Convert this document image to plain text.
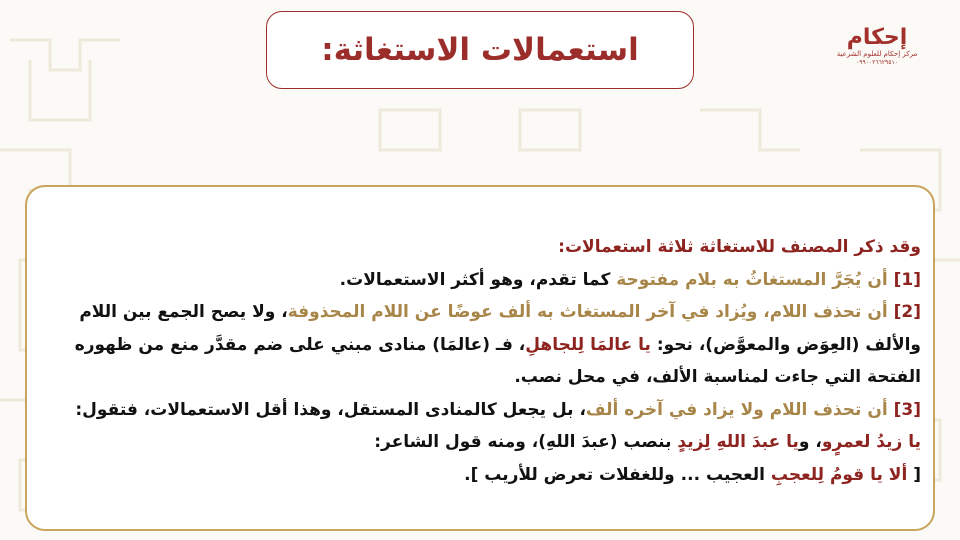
إحكام
مركز إحكام للعلوم الشرعية
٠٩٩٠٠٢٦٦٢٩٥١٠
استعمالات الاستغاثة:

وقد ذكر المصنف للاستغاثة ثلاثة استعمالات:

[1] أن يُجَرَّ المستغاثُ به بلام مفتوحة كما تقدم، وهو أكثر الاستعمالات.

[2] أن تحذف اللام، ويُزاد في آخر المستغاث به ألف عوضًا عن اللام المحذوفة، ولا يصح الجمع بين اللام والألف (العِوَض والمعوَّض)، نحو: يا عالمَا لِلجاهلِ، فـ (عالمَا) منادى مبني على ضم مقدَّر منع من ظهوره الفتحة التي جاءت لمناسبة الألف، في محل نصب.

[3] أن تحذف اللام ولا يزاد في آخره ألف، بل يجعل كالمنادى المستقل، وهذا أقل الاستعمالات، فتقول:

يا زيدُ لعمرٍو، ويا عبدَ اللهِ لِزيدٍ بنصب (عبدَ اللهِ)، ومنه قول الشاعر:

[ ألا يا قومُ لِلعجبِ العجيب ... وللغفلات تعرض للأريب ].
